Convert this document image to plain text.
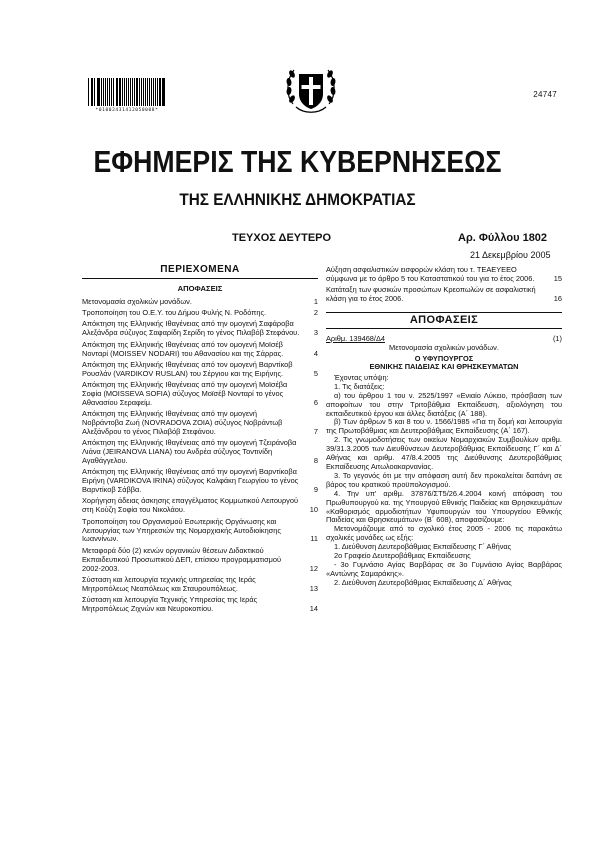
24747
*01002431412050008*
ΕΦΗΜΕΡΙΣ ΤΗΣ ΚΥΒΕΡΝΗΣΕΩΣ
ΤΗΣ ΕΛΛΗΝΙΚΗΣ ΔΗΜΟΚΡΑΤΙΑΣ
ΤΕΥΧΟΣ ΔΕΥΤΕΡΟ	Αρ. Φύλλου 1802
21 Δεκεμβρίου 2005
ΠΕΡΙΕΧΟΜΕΝΑ
ΑΠΟΦΑΣΕΙΣ
Μετονομασία σχολικών μονάδων.	1
Τροποποίηση του Ο.Ε.Υ. του Δήμου Φυλής Ν. Ροδόπης.	2
Απόκτηση της Ελληνικής Ιθαγένειας από την ομογενή Σαφάροβα Αλεξάνδρα σύζυγος Σαφαρίδη Σερίδη το γένος Πιλαβόβ Στεφάνου.	3
Απόκτηση της Ελληνικής Ιθαγένειας από τον ομογενή Μοϊσέβ Νονταρί (MOISSEV NODARI) του Αθανασίου και της Σάρρας.	4
Απόκτηση της Ελληνικής Ιθαγένειας από τον ομογενή Βαρντίκοβ Ρουσλάν (VARDIKOV RUSLAN) του Σέργιου και της Ειρήνης.	5
Απόκτηση της Ελληνικής Ιθαγένειας από την ομογενή Μοϊσέβα Σοφία (MOISSEVA SOFIA) σύζυγος Μοϊσέβ Νονταρί το γένος Αθανασίου Σεραφείμ.	6
Απόκτηση της Ελληνικής Ιθαγένειας από την ομογενή Νοβράντοβα Ζωή (NOVRADOVA ZOIA) σύζυγος Νοβράντωβ Αλεξάνδρου το γένος Πιλαβόβ Στεφάνου.	7
Απόκτηση της Ελληνικής Ιθαγένειας από την ομογενή Τζειράνοβα Λιάνα (JEIRANOVA LIANA) του Ανδρέα σύζυγος Τοντινίδη Αγαθάγγελου.	8
Απόκτηση της Ελληνικής Ιθαγένειας από την ομογενή Βαρντίκοβα Ειρήνη (VARDIKOVA IRINA) σύζυγος Καλφάκη Γεωργίου το γένος Βαρντίκοβ Σάββα.	9
Χορήγηση άδειας άσκησης επαγγέλματος Κομμωτικού Λειτουργού στη Κούζη Σοφία του Νικολάου.	10
Τροποποίηση του Οργανισμού Εσωτερικής Οργάνωσης και Λειτουργίας των Υπηρεσιών της Νομαρχιακής Αυτοδιοίκησης Ιωαννίνων.	11
Μεταφορά δύο (2) κενών οργανικών θέσεων Διδακτικού Εκπαιδευτικού Προσωπικού ΔΕΠ, επίσιου προγραμματισμού 2002-2003.	12
Σύσταση και λειτουργία τεχνικής υπηρεσίας της Ιεράς Μητροπόλεως Νεαπόλεως και Σταυρουπόλεως.	13
Σύσταση και λειτουργία Τεχνικής Υπηρεσίας της Ιεράς Μητροπόλεως Ζιχνών και Νευροκοπίου.	14
Αύξηση ασφαλιστικών εισφορών κλάση του τ. ΤΕΑΕΥΕΕΟ σύμφωνα με το άρθρο 5 του Καταστατικού του για το έτος 2006.	15
Κατάταξη των φυσικών προσώπων Κρεοπωλών σε ασφαλιστική κλάση για το έτος 2006.	16
ΑΠΟΦΑΣΕΙΣ
Αριθμ. 139468/Δ4	(1)
Μετονομασία σχολικών μονάδων.
Ο ΥΦΥΠΟΥΡΓΟΣ
ΕΘΝΙΚΗΣ ΠΑΙΔΕΙΑΣ ΚΑΙ ΘΡΗΣΚΕΥΜΑΤΩΝ

Έχοντας υπόψη:

1. Τις διατάξεις:

α) του άρθρου 1 του ν. 2525/1997 «Ενιαίο Λύκειο, πρόσβαση των αποφοίτων του στην Τριτοβάθμια Εκπαίδευση, αξιολόγηση του εκπαιδευτικού έργου και άλλες διατάξεις (Α΄ 188).

β) Των άρθρων 5 και 8 του ν. 1566/1985 «Για τη δομή και λειτουργία της Πρωτοβάθμιας και Δευτεροβάθμιας Εκπαίδευσης (Α΄ 167).

2. Τις γνωμοδοτήσεις των οικείων Νομαρχιακών Συμβουλίων αριθμ. 39/31.3.2005 των Διευθύνσεων Δευτεροβάθμιας Εκπαίδευσης Γ΄ και Δ΄ Αθήνας και αριθμ. 47/8.4.2005 της Διεύθυνσης Δευτεροβάθμιας Εκπαίδευσης Αιτωλοακαρνανίας.

3. Το γεγονός ότι με την απόφαση αυτή δεν προκαλείται δαπάνη σε βάρος του κρατικού προϋπολογισμού.

4. Την υπ' αριθμ. 37876/ΣΤ5/26.4.2004 κοινή απόφαση του Πρωθυπουργού κα. της Υπουργού Εθνικής Παιδείας και Θρησκευμάτων «Καθορισμός αρμοδιοτήτων Υφυπουργών του Υπουργείου Εθνικής Παιδείας και Θρησκευμάτων» (Β΄ 608), αποφασίζουμε:

Μετονομάζουμε από το σχολικό έτος 2005 - 2006 τις παρακάτω σχολικές μονάδες ως εξής:

1. Διεύθυνση Δευτεροβάθμιας Εκπαίδευσης Γ΄ Αθήνας

2ο Γραφείο Δευτεροβάθμιας Εκπαίδευσης

- 3ο Γυμνάσιο Αγίας Βαρβάρας σε 3ο Γυμνάσιο Αγίας Βαρβάρας «Αντώνης Σαμαράκης».

2. Διεύθυνση Δευτεροβάθμιας Εκπαίδευσης Δ΄ Αθήνας
